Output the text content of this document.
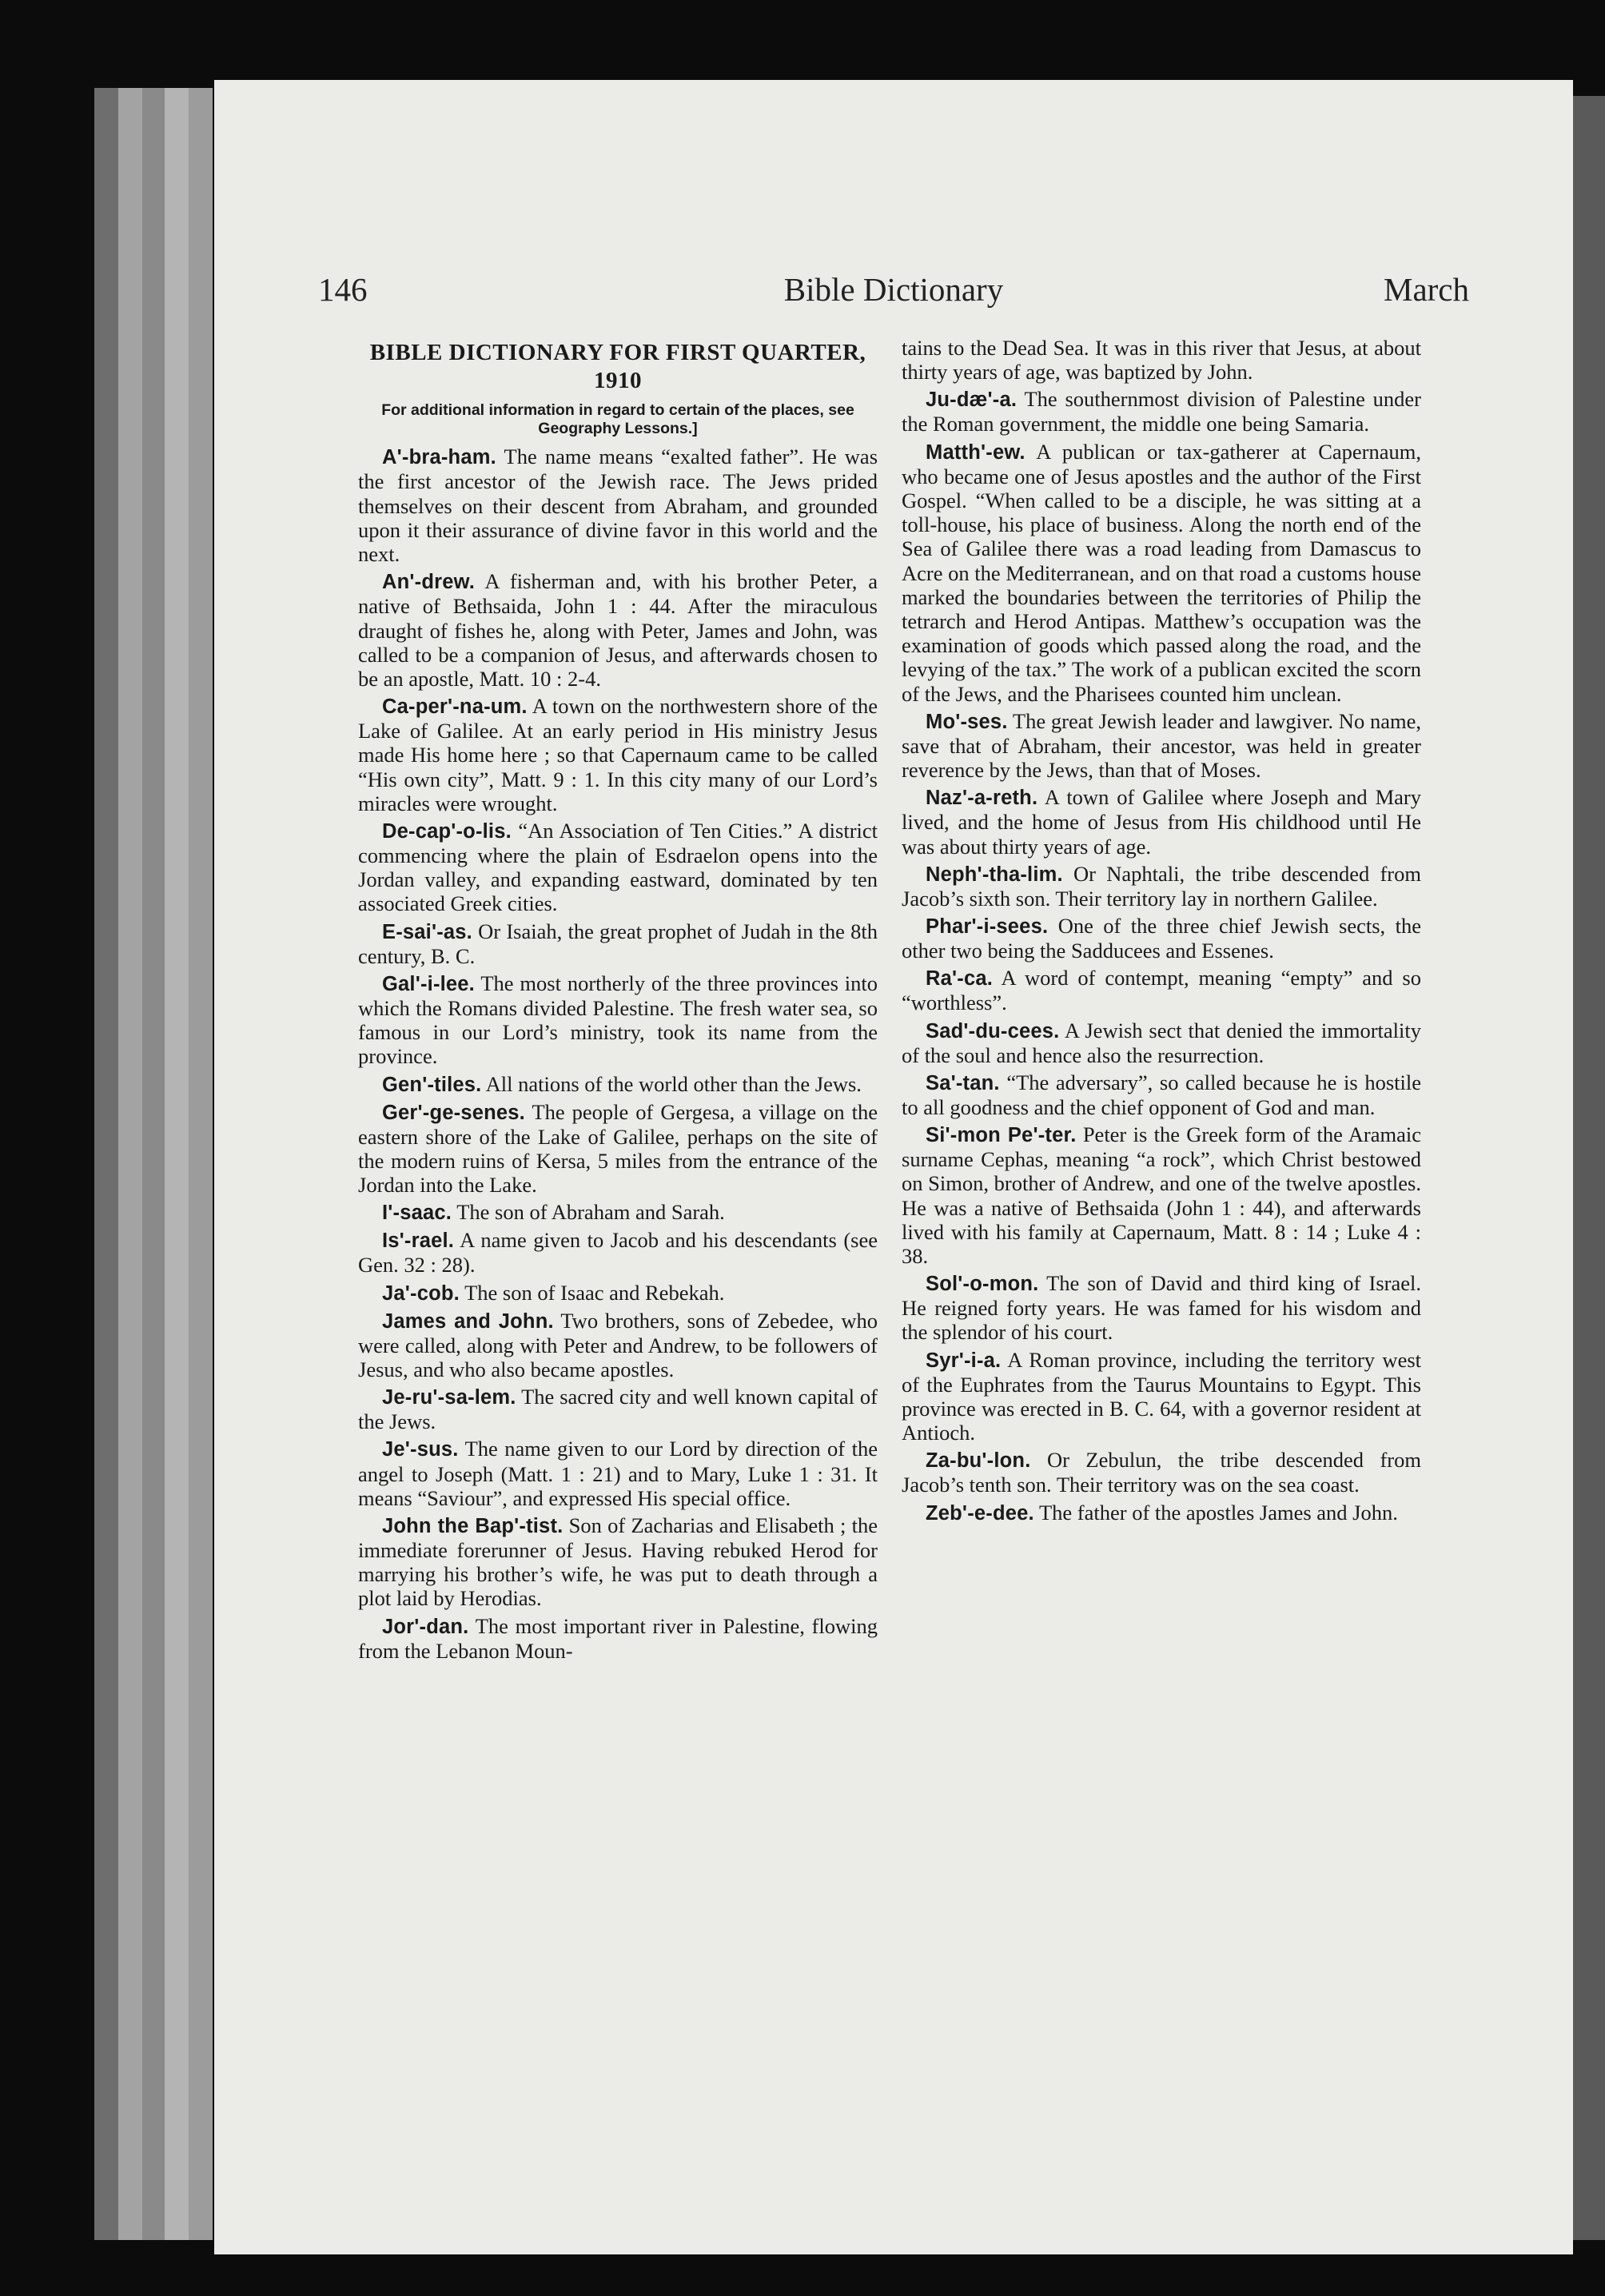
146	Bible Dictionary	March
BIBLE DICTIONARY FOR FIRST QUARTER, 1910
For additional information in regard to certain of the places, see Geography Lessons.]

A'-bra-ham. The name means “exalted father”. He was the first ancestor of the Jewish race. The Jews prided themselves on their descent from Abraham, and grounded upon it their assurance of divine favor in this world and the next.

An'-drew. A fisherman and, with his brother Peter, a native of Bethsaida, John 1 : 44. After the miraculous draught of fishes he, along with Peter, James and John, was called to be a companion of Jesus, and afterwards chosen to be an apostle, Matt. 10 : 2-4.

Ca-per'-na-um. A town on the northwestern shore of the Lake of Galilee. At an early period in His ministry Jesus made His home here ; so that Capernaum came to be called “His own city”, Matt. 9 : 1. In this city many of our Lord’s miracles were wrought.

De-cap'-o-lis. “An Association of Ten Cities.” A district commencing where the plain of Esdraelon opens into the Jordan valley, and expanding eastward, dominated by ten associated Greek cities.

E-sai'-as. Or Isaiah, the great prophet of Judah in the 8th century, B. C.

Gal'-i-lee. The most northerly of the three provinces into which the Romans divided Palestine. The fresh water sea, so famous in our Lord’s ministry, took its name from the province.

Gen'-tiles. All nations of the world other than the Jews.

Ger'-ge-senes. The people of Gergesa, a village on the eastern shore of the Lake of Galilee, perhaps on the site of the modern ruins of Kersa, 5 miles from the entrance of the Jordan into the Lake.

I'-saac. The son of Abraham and Sarah.

Is'-rael. A name given to Jacob and his descendants (see Gen. 32 : 28).

Ja'-cob. The son of Isaac and Rebekah.

James and John. Two brothers, sons of Zebedee, who were called, along with Peter and Andrew, to be followers of Jesus, and who also became apostles.

Je-ru'-sa-lem. The sacred city and well known capital of the Jews.

Je'-sus. The name given to our Lord by direction of the angel to Joseph (Matt. 1 : 21) and to Mary, Luke 1 : 31. It means “Saviour”, and expressed His special office.

John the Bap'-tist. Son of Zacharias and Elisabeth ; the immediate forerunner of Jesus. Having rebuked Herod for marrying his brother’s wife, he was put to death through a plot laid by Herodias.

Jor'-dan. The most important river in Palestine, flowing from the Lebanon Moun-

tains to the Dead Sea. It was in this river that Jesus, at about thirty years of age, was baptized by John.

Ju-dæ'-a. The southernmost division of Palestine under the Roman government, the middle one being Samaria.

Matth'-ew. A publican or tax-gatherer at Capernaum, who became one of Jesus apostles and the author of the First Gospel. “When called to be a disciple, he was sitting at a toll-house, his place of business. Along the north end of the Sea of Galilee there was a road leading from Damascus to Acre on the Mediterranean, and on that road a customs house marked the boundaries between the territories of Philip the tetrarch and Herod Antipas. Matthew’s occupation was the examination of goods which passed along the road, and the levying of the tax.” The work of a publican excited the scorn of the Jews, and the Pharisees counted him unclean.

Mo'-ses. The great Jewish leader and lawgiver. No name, save that of Abraham, their ancestor, was held in greater reverence by the Jews, than that of Moses.

Naz'-a-reth. A town of Galilee where Joseph and Mary lived, and the home of Jesus from His childhood until He was about thirty years of age.

Neph'-tha-lim. Or Naphtali, the tribe descended from Jacob’s sixth son. Their territory lay in northern Galilee.

Phar'-i-sees. One of the three chief Jewish sects, the other two being the Sadducees and Essenes.

Ra'-ca. A word of contempt, meaning “empty” and so “worthless”.

Sad'-du-cees. A Jewish sect that denied the immortality of the soul and hence also the resurrection.

Sa'-tan. “The adversary”, so called because he is hostile to all goodness and the chief opponent of God and man.

Si'-mon Pe'-ter. Peter is the Greek form of the Aramaic surname Cephas, meaning “a rock”, which Christ bestowed on Simon, brother of Andrew, and one of the twelve apostles. He was a native of Bethsaida (John 1 : 44), and afterwards lived with his family at Capernaum, Matt. 8 : 14 ; Luke 4 : 38.

Sol'-o-mon. The son of David and third king of Israel. He reigned forty years. He was famed for his wisdom and the splendor of his court.

Syr'-i-a. A Roman province, including the territory west of the Euphrates from the Taurus Mountains to Egypt. This province was erected in B. C. 64, with a governor resident at Antioch.

Za-bu'-lon. Or Zebulun, the tribe descended from Jacob’s tenth son. Their territory was on the sea coast.

Zeb'-e-dee. The father of the apostles James and John.
